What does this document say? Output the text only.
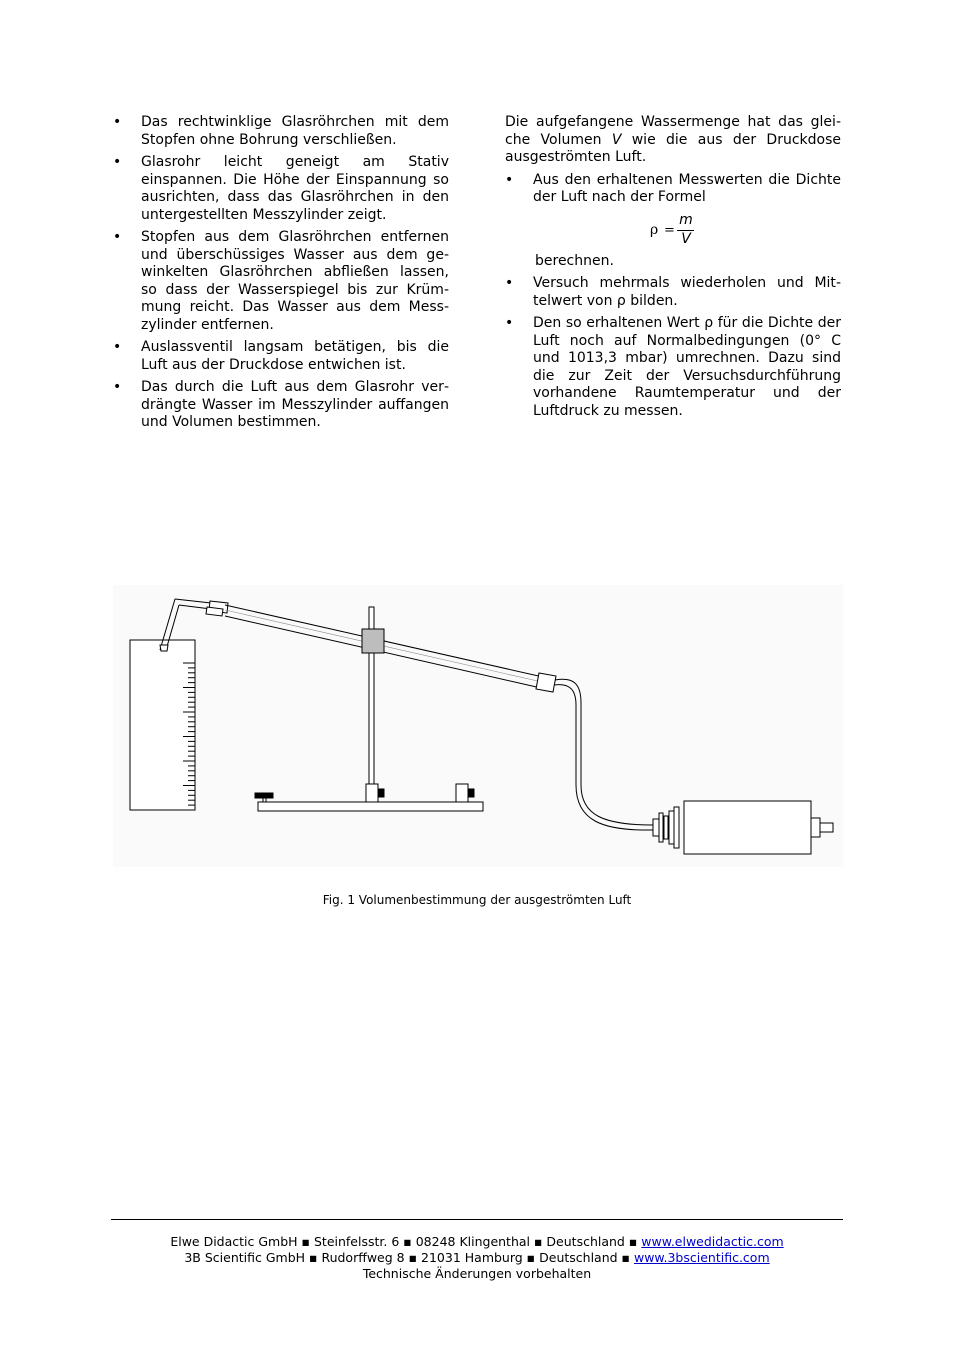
• Das rechtwinklige Glasröhrchen mit dem Stopfen ohne Bohrung verschließen.
• Glasrohr leicht geneigt am Stativ einspannen. Die Höhe der Einspannung so ausrichten, dass das Glasröhrchen in den untergestellten Messzylinder zeigt.
• Stopfen aus dem Glasröhrchen entfernen und überschüssiges Wasser aus dem gewinkelten Glasröhrchen abfließen lassen, so dass der Wasserspiegel bis zur Krümmung reicht. Das Wasser aus dem Messzylinder entfernen.
• Auslassventil langsam betätigen, bis die Luft aus der Druckdose entwichen ist.
• Das durch die Luft aus dem Glasrohr verdrängte Wasser im Messzylinder auffangen und Volumen bestimmen.

Die aufgefangene Wassermenge hat das gleiche Volumen V wie die aus der Druckdose ausgeströmten Luft.

• Aus den erhaltenen Messwerten die Dichte der Luft nach der Formel
ρ =
m
V

berechnen.

• Versuch mehrmals wiederholen und Mittelwert von ρ bilden.
• Den so erhaltenen Wert ρ für die Dichte der Luft noch auf Normalbedingungen (0° C und 1013,3 mbar) umrechnen. Dazu sind die zur Zeit der Versuchsdurchführung vorhandene Raumtemperatur und der Luftdruck zu messen.
Fig. 1 Volumenbestimmung der ausgeströmten Luft
Elwe Didactic GmbH ▪ Steinfelsstr. 6 ▪ 08248 Klingenthal ▪ Deutschland ▪ www.elwedidactic.com
3B Scientific GmbH ▪ Rudorffweg 8 ▪ 21031 Hamburg ▪ Deutschland ▪ www.3bscientific.com
Technische Änderungen vorbehalten
